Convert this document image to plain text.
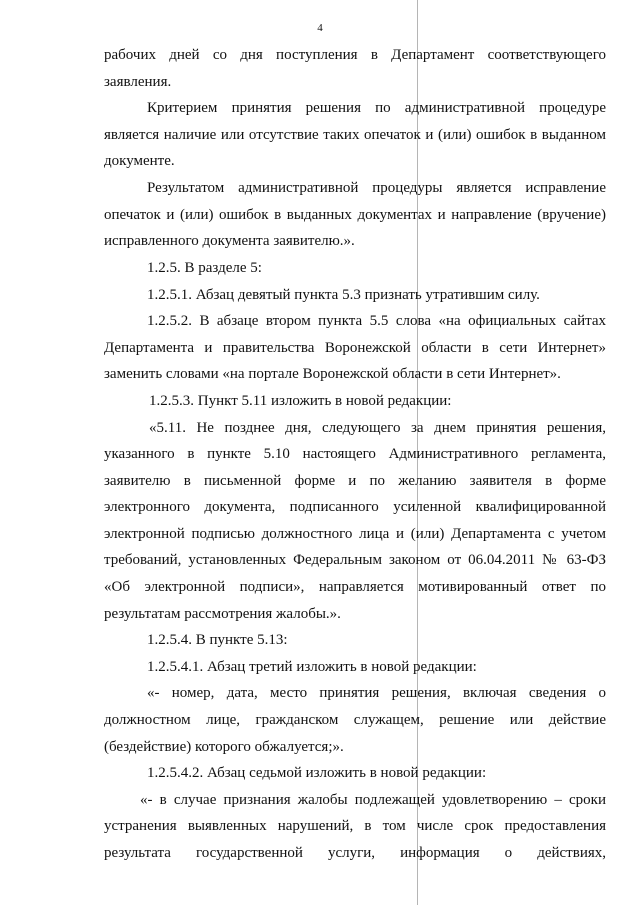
4
рабочих дней со дня поступления в Департамент соответствующего
заявления.
Критерием принятия решения по административной процедуре
является наличие или отсутствие таких опечаток и (или) ошибок в выданном
документе.
Результатом административной процедуры является исправление
опечаток и (или) ошибок в выданных документах и направление (вручение)
исправленного документа заявителю.».
1.2.5. В разделе 5:
1.2.5.1. Абзац девятый пункта 5.3 признать утратившим силу.
1.2.5.2. В абзаце втором пункта 5.5 слова «на официальных сайтах
Департамента и правительства Воронежской области в сети Интернет»
заменить словами «на портале Воронежской области в сети Интернет».
1.2.5.3. Пункт 5.11 изложить в новой редакции:
«5.11. Не позднее дня, следующего за днем принятия решения,
указанного в пункте 5.10 настоящего Административного регламента,
заявителю в письменной форме и по желанию заявителя в форме
электронного документа, подписанного усиленной квалифицированной
электронной подписью должностного лица и (или) Департамента с учетом
требований, установленных Федеральным законом от 06.04.2011 № 63-ФЗ
«Об электронной подписи», направляется мотивированный ответ по
результатам рассмотрения жалобы.».
1.2.5.4. В пункте 5.13:
1.2.5.4.1. Абзац третий изложить в новой редакции:
«- номер, дата, место принятия решения, включая сведения о
должностном лице, гражданском служащем, решение или действие
(бездействие) которого обжалуется;».
1.2.5.4.2. Абзац седьмой изложить в новой редакции:
«- в случае признания жалобы подлежащей удовлетворению – сроки
устранения выявленных нарушений, в том числе срок предоставления
результата государственной услуги, информация о действиях,
